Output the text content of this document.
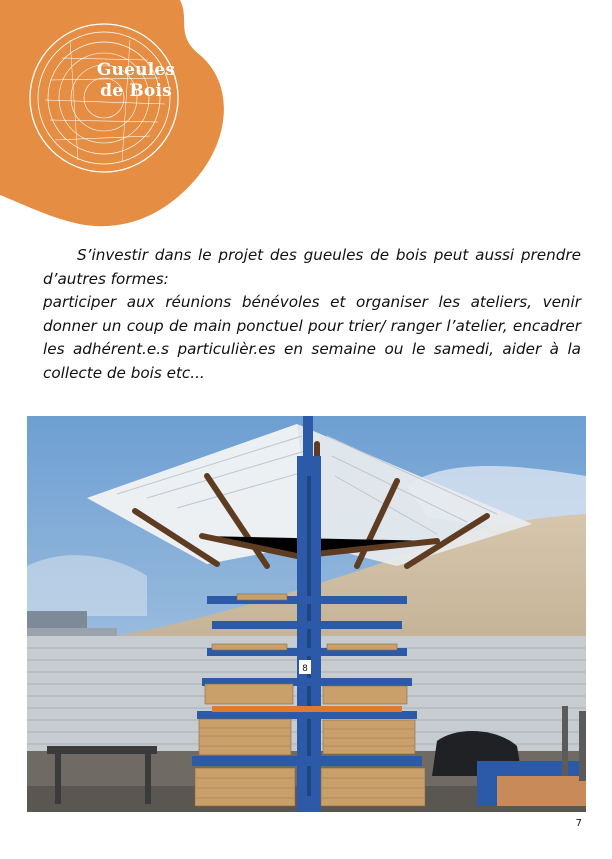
Gueules
de Bois

S’investir dans le projet des gueules de bois peut aussi prendre d’autres formes:

participer aux réunions bénévoles et organiser les ateliers, venir donner un coup de main ponctuel pour trier/ ranger l’atelier, encadrer les adhérent.e.s particulièr.es en semaine ou le samedi, aider à la collecte de bois etc...

8
7
